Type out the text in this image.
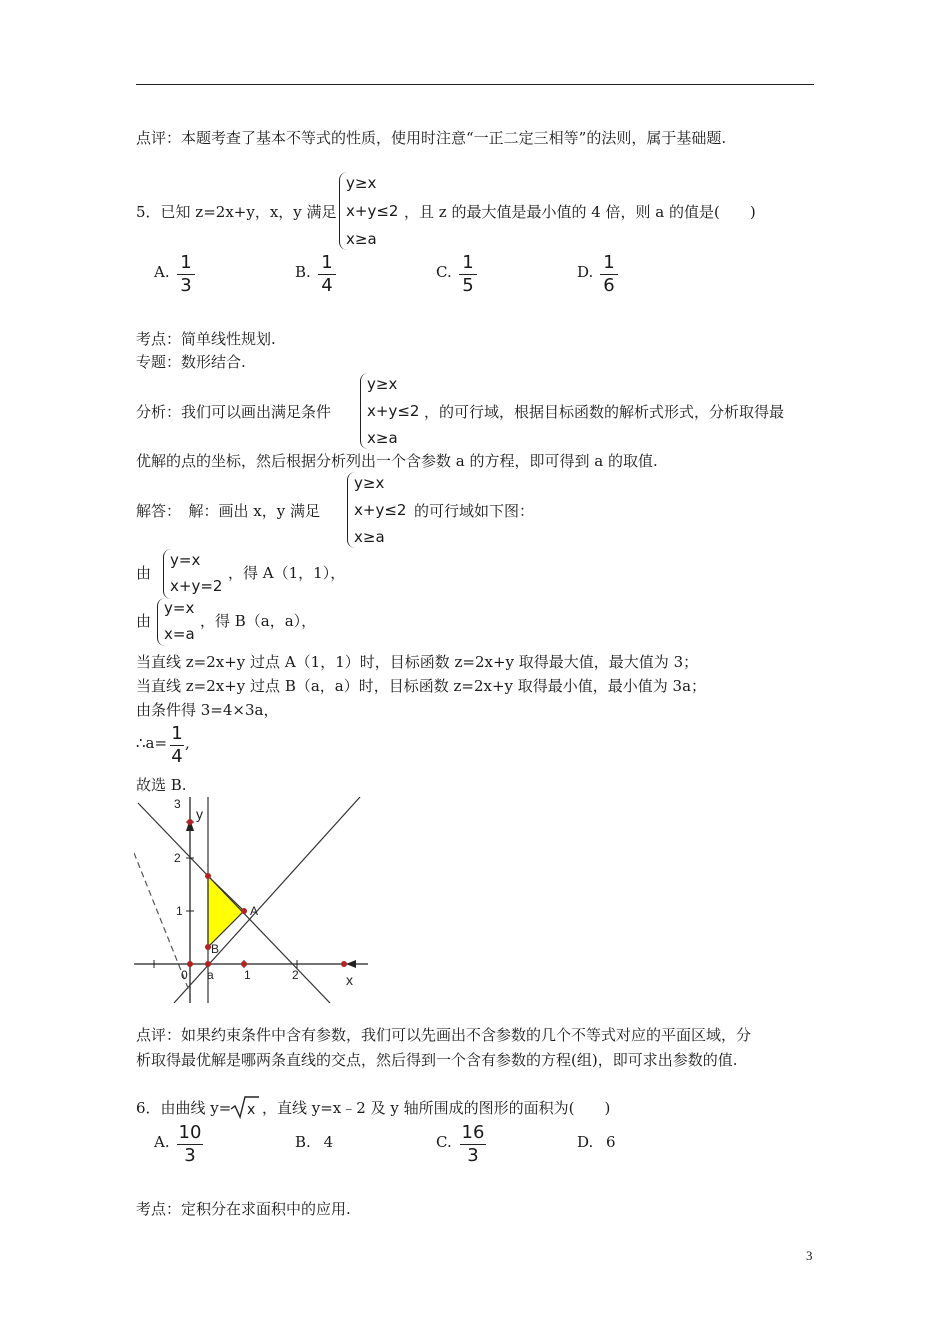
点评：本题考查了基本不等式的性质，使用时注意“一正二定三相等”的法则，属于基础题.
5．已知 z=2x+y，x，y 满足
y≥x
x+y≤2
x≥a
，且 z 的最大值是最小值的 4 倍，则 a 的值是(　　)
A. 1
3
B. 1
4
C. 1
5
D. 1
6
考点：简单线性规划.
专题：数形结合.
分析：我们可以画出满足条件
y≥x
x+y≤2
x≥a
，的可行域，根据目标函数的解析式形式，分析取得最
优解的点的坐标，然后根据分析列出一个含参数 a 的方程，即可得到 a 的取值.
解答：　解：画出 x，y 满足
y≥x
x+y≤2
x≥a
的可行域如下图：
由
y=x
x+y=2
，得 A（1，1），
由
y=x
x=a
，得 B（a，a），
当直线 z=2x+y 过点 A（1，1）时，目标函数 z=2x+y 取得最大值，最大值为 3；
当直线 z=2x+y 过点 B（a，a）时，目标函数 z=2x+y 取得最小值，最小值为 3a；
由条件得 3=4×3a，
∴a= 1
4
,
故选 B.
3
y
2
1	A
B
0 a	1	2	x
点评：如果约束条件中含有参数，我们可以先画出不含参数的几个不等式对应的平面区域，分
析取得最优解是哪两条直线的交点，然后得到一个含有参数的方程(组)，即可求出参数的值.
6．由曲线 y= x ，直线 y=x﹣2 及 y 轴所围成的图形的面积为(　　)
A. 10
3
B. 4	C. 16
3
D. 6
考点：定积分在求面积中的应用.
3
